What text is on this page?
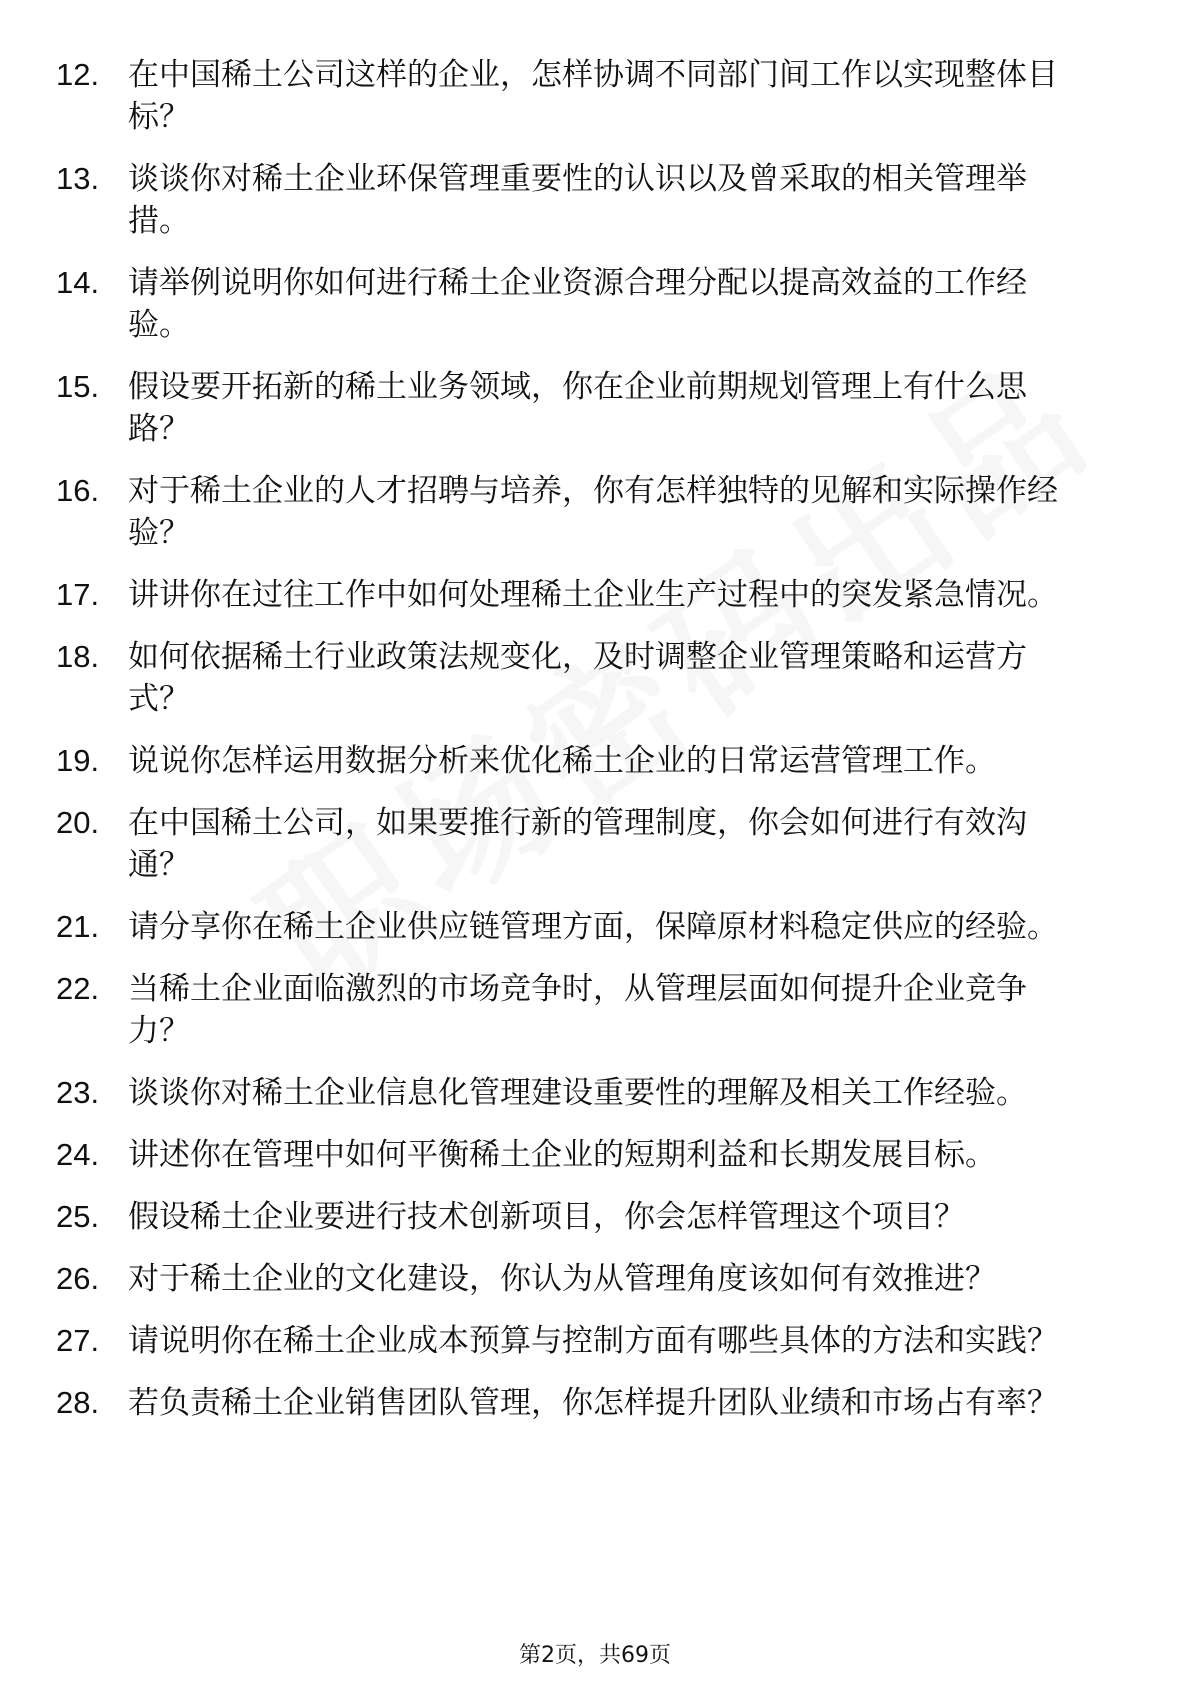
12. 在中国稀土公司这样的企业，怎样协调不同部门间工作以实现整体目标？
13. 谈谈你对稀土企业环保管理重要性的认识以及曾采取的相关管理举措。
14. 请举例说明你如何进行稀土企业资源合理分配以提高效益的工作经验。
15. 假设要开拓新的稀土业务领域，你在企业前期规划管理上有什么思路？
16. 对于稀土企业的人才招聘与培养，你有怎样独特的见解和实际操作经验？
17. 讲讲你在过往工作中如何处理稀土企业生产过程中的突发紧急情况。
18. 如何依据稀土行业政策法规变化，及时调整企业管理策略和运营方式？
19. 说说你怎样运用数据分析来优化稀土企业的日常运营管理工作。
20. 在中国稀土公司，如果要推行新的管理制度，你会如何进行有效沟通？
21. 请分享你在稀土企业供应链管理方面，保障原材料稳定供应的经验。
22. 当稀土企业面临激烈的市场竞争时，从管理层面如何提升企业竞争力？
23. 谈谈你对稀土企业信息化管理建设重要性的理解及相关工作经验。
24. 讲述你在管理中如何平衡稀土企业的短期利益和长期发展目标。
25. 假设稀土企业要进行技术创新项目，你会怎样管理这个项目？
26. 对于稀土企业的文化建设，你认为从管理角度该如何有效推进？
27. 请说明你在稀土企业成本预算与控制方面有哪些具体的方法和实践？
28. 若负责稀土企业销售团队管理，你怎样提升团队业绩和市场占有率？
第2页，共69页
